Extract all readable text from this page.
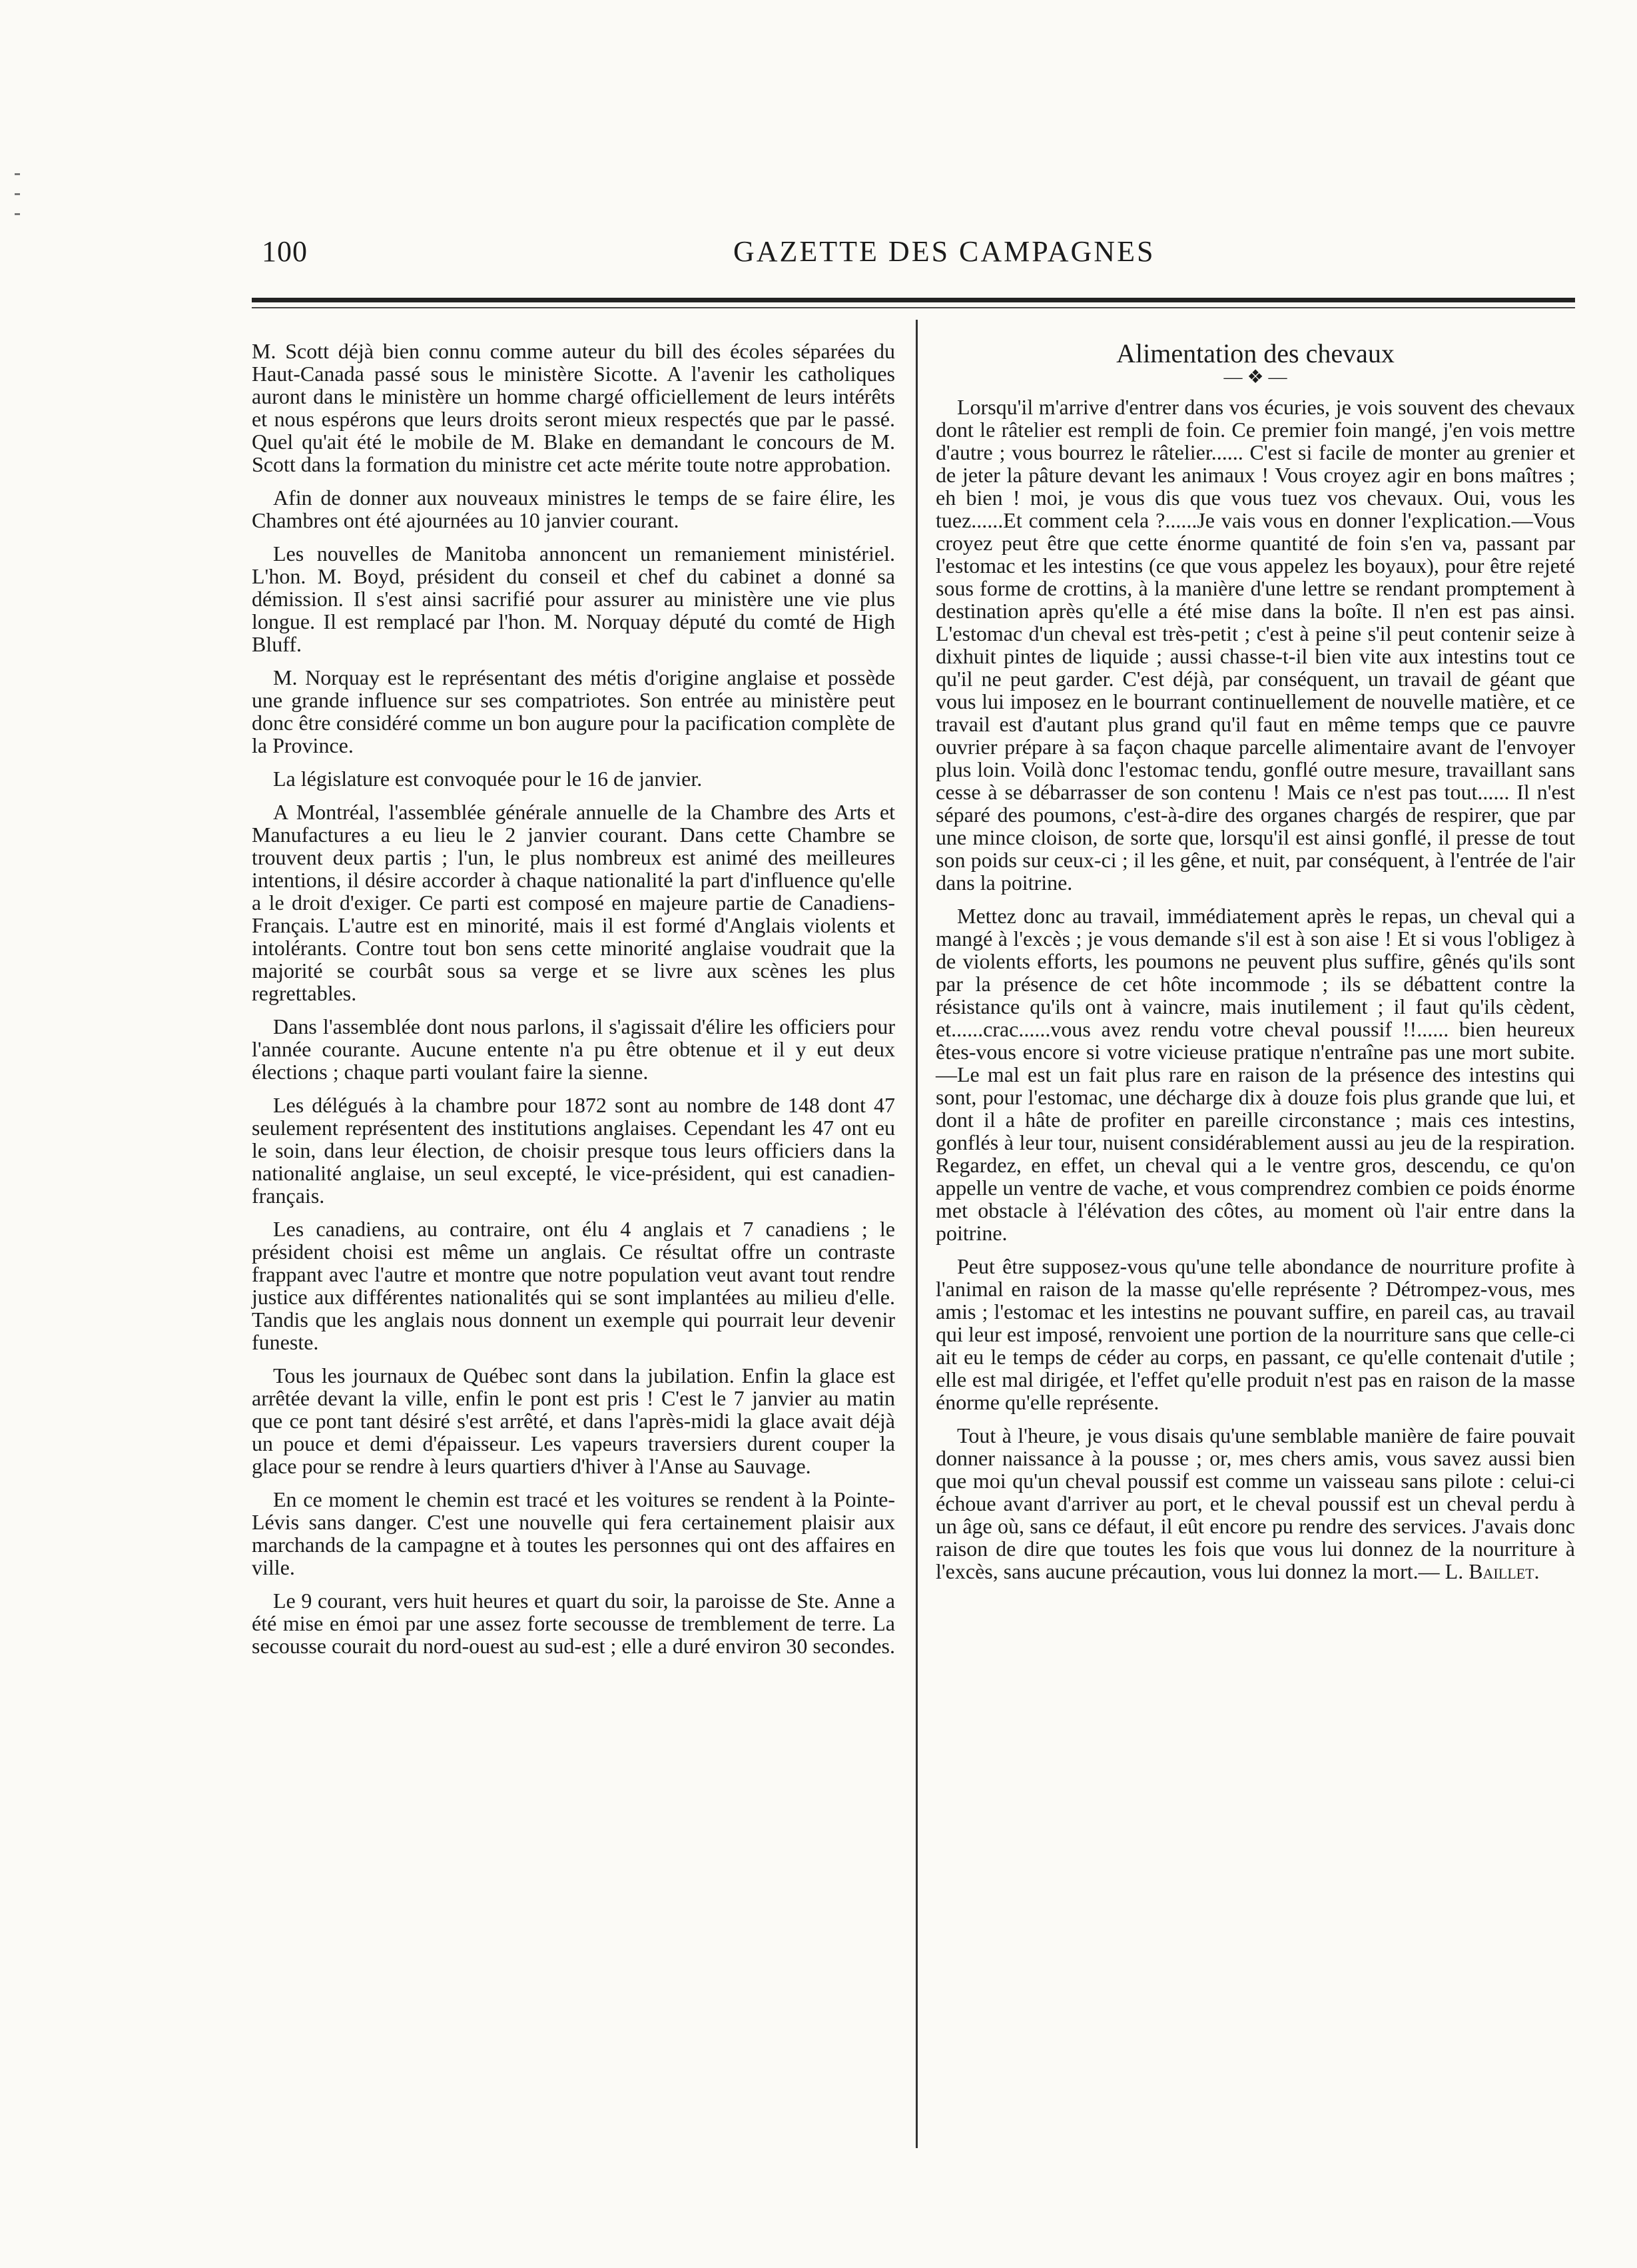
100	GAZETTE DES CAMPAGNES

M. Scott déjà bien connu comme auteur du bill des écoles séparées du Haut-Canada passé sous le ministère Sicotte. A l'avenir les catholiques auront dans le ministère un homme chargé officiellement de leurs intérêts et nous espérons que leurs droits seront mieux respectés que par le passé. Quel qu'ait été le mobile de M. Blake en demandant le concours de M. Scott dans la formation du ministre cet acte mérite toute notre approbation.

Afin de donner aux nouveaux ministres le temps de se faire élire, les Chambres ont été ajournées au 10 janvier courant.

Les nouvelles de Manitoba annoncent un remaniement ministériel. L'hon. M. Boyd, président du conseil et chef du cabinet a donné sa démission. Il s'est ainsi sacrifié pour assurer au ministère une vie plus longue. Il est remplacé par l'hon. M. Norquay député du comté de High Bluff.

M. Norquay est le représentant des métis d'origine anglaise et possède une grande influence sur ses compatriotes. Son entrée au ministère peut donc être considéré comme un bon augure pour la pacification complète de la Province.

La législature est convoquée pour le 16 de janvier.

A Montréal, l'assemblée générale annuelle de la Chambre des Arts et Manufactures a eu lieu le 2 janvier courant. Dans cette Chambre se trouvent deux partis ; l'un, le plus nombreux est animé des meilleures intentions, il désire accorder à chaque nationalité la part d'influence qu'elle a le droit d'exiger. Ce parti est composé en majeure partie de Canadiens-Français. L'autre est en minorité, mais il est formé d'Anglais violents et intolérants. Contre tout bon sens cette minorité anglaise voudrait que la majorité se courbât sous sa verge et se livre aux scènes les plus regrettables.

Dans l'assemblée dont nous parlons, il s'agissait d'élire les officiers pour l'année courante. Aucune entente n'a pu être obtenue et il y eut deux élections ; chaque parti voulant faire la sienne.

Les délégués à la chambre pour 1872 sont au nombre de 148 dont 47 seulement représentent des institutions anglaises. Cependant les 47 ont eu le soin, dans leur élection, de choisir presque tous leurs officiers dans la nationalité anglaise, un seul excepté, le vice-président, qui est canadien-français.

Les canadiens, au contraire, ont élu 4 anglais et 7 canadiens ; le président choisi est même un anglais. Ce résultat offre un contraste frappant avec l'autre et montre que notre population veut avant tout rendre justice aux différentes nationalités qui se sont implantées au milieu d'elle. Tandis que les anglais nous donnent un exemple qui pourrait leur devenir funeste.

Tous les journaux de Québec sont dans la jubilation. Enfin la glace est arrêtée devant la ville, enfin le pont est pris ! C'est le 7 janvier au matin que ce pont tant désiré s'est arrêté, et dans l'après-midi la glace avait déjà un pouce et demi d'épaisseur. Les vapeurs traversiers durent couper la glace pour se rendre à leurs quartiers d'hiver à l'Anse au Sauvage.

En ce moment le chemin est tracé et les voitures se rendent à la Pointe-Lévis sans danger. C'est une nouvelle qui fera certainement plaisir aux marchands de la campagne et à toutes les personnes qui ont des affaires en ville.

Le 9 courant, vers huit heures et quart du soir, la paroisse de Ste. Anne a été mise en émoi par une assez forte secousse de tremblement de terre. La secousse courait du nord-ouest au sud-est ; elle a duré environ 30 secondes.

Alimentation des chevaux
— ❖ —

Lorsqu'il m'arrive d'entrer dans vos écuries, je vois souvent des chevaux dont le râtelier est rempli de foin. Ce premier foin mangé, j'en vois mettre d'autre ; vous bourrez le râtelier...... C'est si facile de monter au grenier et de jeter la pâture devant les animaux ! Vous croyez agir en bons maîtres ; eh bien ! moi, je vous dis que vous tuez vos chevaux. Oui, vous les tuez......Et comment cela ?......Je vais vous en donner l'explication.—Vous croyez peut être que cette énorme quantité de foin s'en va, passant par l'estomac et les intestins (ce que vous appelez les boyaux), pour être rejeté sous forme de crottins, à la manière d'une lettre se rendant promptement à destination après qu'elle a été mise dans la boîte. Il n'en est pas ainsi. L'estomac d'un cheval est très-petit ; c'est à peine s'il peut contenir seize à dixhuit pintes de liquide ; aussi chasse-t-il bien vite aux intestins tout ce qu'il ne peut garder. C'est déjà, par conséquent, un travail de géant que vous lui imposez en le bourrant continuellement de nouvelle matière, et ce travail est d'autant plus grand qu'il faut en même temps que ce pauvre ouvrier prépare à sa façon chaque parcelle alimentaire avant de l'envoyer plus loin. Voilà donc l'estomac tendu, gonflé outre mesure, travaillant sans cesse à se débarrasser de son contenu ! Mais ce n'est pas tout...... Il n'est séparé des poumons, c'est-à-dire des organes chargés de respirer, que par une mince cloison, de sorte que, lorsqu'il est ainsi gonflé, il presse de tout son poids sur ceux-ci ; il les gêne, et nuit, par conséquent, à l'entrée de l'air dans la poitrine.

Mettez donc au travail, immédiatement après le repas, un cheval qui a mangé à l'excès ; je vous demande s'il est à son aise ! Et si vous l'obligez à de violents efforts, les poumons ne peuvent plus suffire, gênés qu'ils sont par la présence de cet hôte incommode ; ils se débattent contre la résistance qu'ils ont à vaincre, mais inutilement ; il faut qu'ils cèdent, et......crac......vous avez rendu votre cheval poussif !!...... bien heureux êtes-vous encore si votre vicieuse pratique n'entraîne pas une mort subite.—Le mal est un fait plus rare en raison de la présence des intestins qui sont, pour l'estomac, une décharge dix à douze fois plus grande que lui, et dont il a hâte de profiter en pareille circonstance ; mais ces intestins, gonflés à leur tour, nuisent considérablement aussi au jeu de la respiration. Regardez, en effet, un cheval qui a le ventre gros, descendu, ce qu'on appelle un ventre de vache, et vous comprendrez combien ce poids énorme met obstacle à l'élévation des côtes, au moment où l'air entre dans la poitrine.

Peut être supposez-vous qu'une telle abondance de nourriture profite à l'animal en raison de la masse qu'elle représente ? Détrompez-vous, mes amis ; l'estomac et les intestins ne pouvant suffire, en pareil cas, au travail qui leur est imposé, renvoient une portion de la nourriture sans que celle-ci ait eu le temps de céder au corps, en passant, ce qu'elle contenait d'utile ; elle est mal dirigée, et l'effet qu'elle produit n'est pas en raison de la masse énorme qu'elle représente.

Tout à l'heure, je vous disais qu'une semblable manière de faire pouvait donner naissance à la pousse ; or, mes chers amis, vous savez aussi bien que moi qu'un cheval poussif est comme un vaisseau sans pilote : celui-ci échoue avant d'arriver au port, et le cheval poussif est un cheval perdu à un âge où, sans ce défaut, il eût encore pu rendre des services. J'avais donc raison de dire que toutes les fois que vous lui donnez de la nourriture à l'excès, sans aucune précaution, vous lui donnez la mort.— L. Baillet.
